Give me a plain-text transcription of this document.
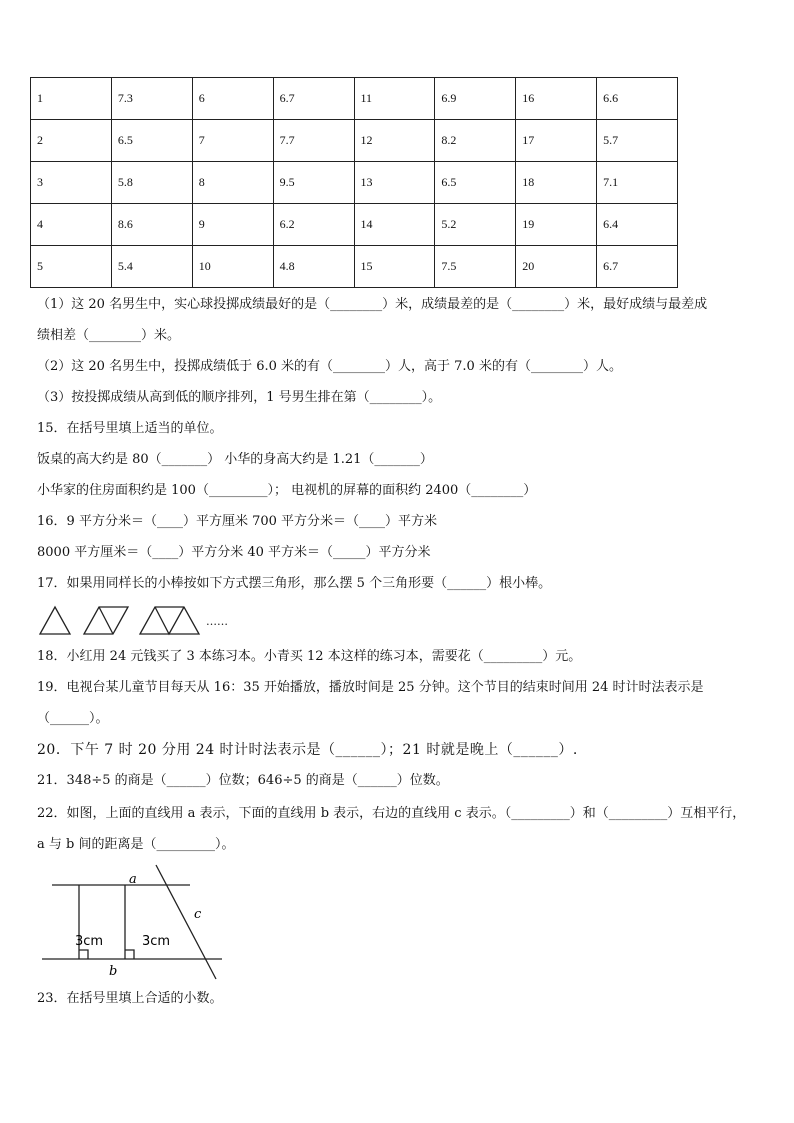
1	7.3	6	6.7	11	6.9	16	6.6
2	6.5	7	7.7	12	8.2	17	5.7
3	5.8	8	9.5	13	6.5	18	7.1
4	8.6	9	6.2	14	5.2	19	6.4
5	5.4	10	4.8	15	7.5	20	6.7
（1）这 20 名男生中，实心球投掷成绩最好的是（________）米，成绩最差的是（________）米，最好成绩与最差成
绩相差（________）米。
（2）这 20 名男生中，投掷成绩低于 6.0 米的有（________）人，高于 7.0 米的有（________）人。
（3）按投掷成绩从高到低的顺序排列，1 号男生排在第（________）。
15．在括号里填上适当的单位。
饭桌的高大约是 80（_______） 小华的身高大约是 1.21（_______）
小华家的住房面积约是 100（_________）； 电视机的屏幕的面积约 2400（________）
16．9 平方分米＝（____）平方厘米 700 平方分米＝（____）平方米
8000 平方厘米＝（____）平方分米 40 平方米＝（_____）平方分米
17．如果用同样长的小棒按如下方式摆三角形，那么摆 5 个三角形要（______）根小棒。
……
18．小红用 24 元钱买了 3 本练习本。小青买 12 本这样的练习本，需要花（_________）元。
19．电视台某儿童节目每天从 16：35 开始播放，播放时间是 25 分钟。这个节目的结束时间用 24 时计时法表示是
（______）。
20．下午 7 时 20 分用 24 时计时法表示是（______）；21 时就是晚上（______）.
21．348÷5 的商是（______）位数；646÷5 的商是（______）位数。
22．如图，上面的直线用 a 表示，下面的直线用 b 表示，右边的直线用 c 表示。（_________）和（_________）互相平行，
a 与 b 间的距离是（_________）。
a
b
c
3cm	3cm
23．在括号里填上合适的小数。
